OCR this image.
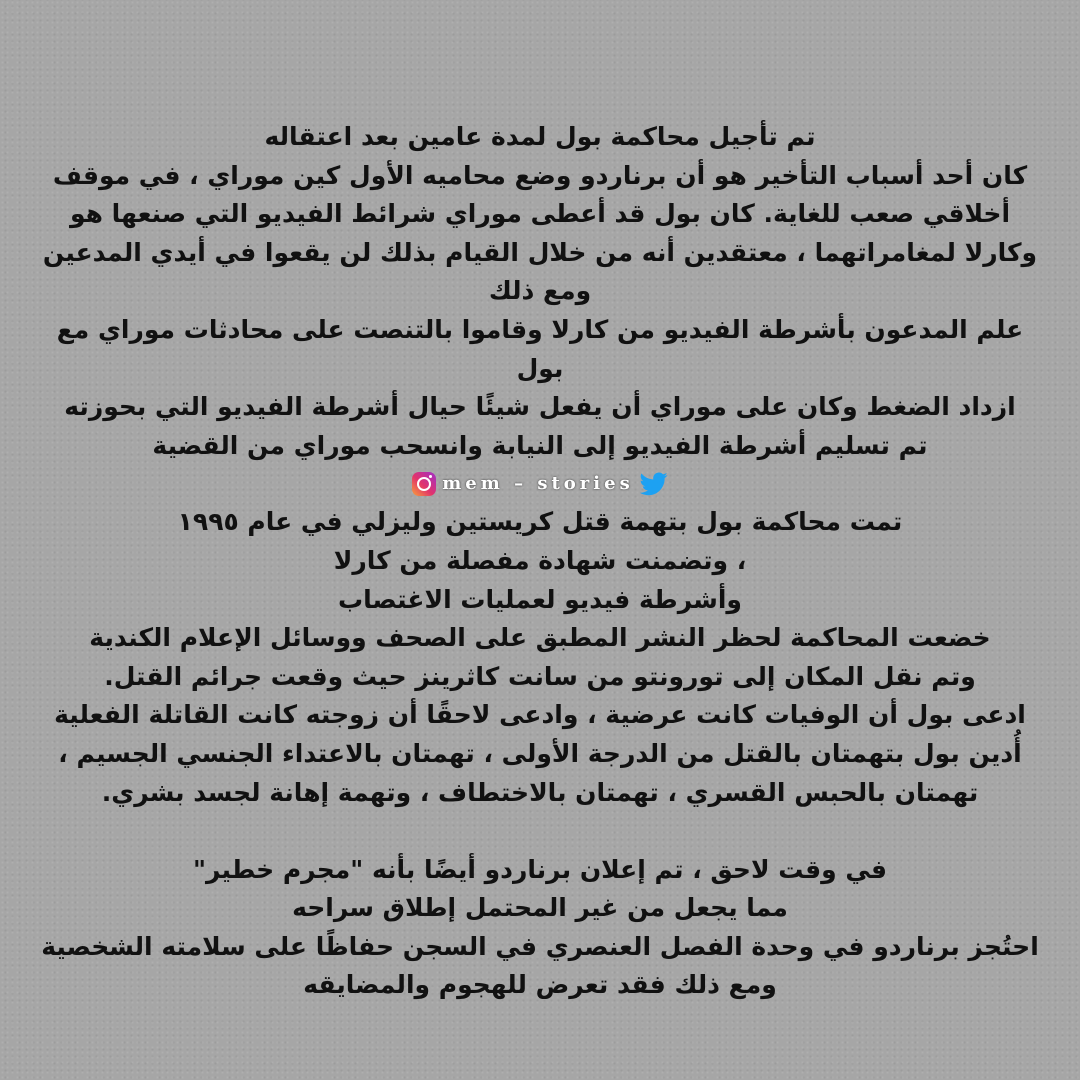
تم تأجيل محاكمة بول لمدة عامين بعد اعتقاله
كان أحد أسباب التأخير هو أن برناردو وضع محاميه الأول كين موراي ، في موقف
أخلاقي صعب للغاية. كان بول قد أعطى موراي شرائط الفيديو التي صنعها هو
وكارلا لمغامراتهما ، معتقدين أنه من خلال القيام بذلك لن يقعوا في أيدي المدعين
ومع ذلك
علم المدعون بأشرطة الفيديو من كارلا وقاموا بالتنصت على محادثات موراي مع
بول
ازداد الضغط وكان على موراي أن يفعل شيئًا حيال أشرطة الفيديو التي بحوزته
تم تسليم أشرطة الفيديو إلى النيابة وانسحب موراي من القضية
mem – stories
تمت محاكمة بول بتهمة قتل كريستين وليزلي في عام ١٩٩٥
، وتضمنت شهادة مفصلة من كارلا
وأشرطة فيديو لعمليات الاغتصاب
خضعت المحاكمة لحظر النشر المطبق على الصحف ووسائل الإعلام الكندية
وتم نقل المكان إلى تورونتو من سانت كاثرينز حيث وقعت جرائم القتل.
ادعى بول أن الوفيات كانت عرضية ، وادعى لاحقًا أن زوجته كانت القاتلة الفعلية
أُدين بول بتهمتان بالقتل من الدرجة الأولى ، تهمتان بالاعتداء الجنسي الجسيم ،
تهمتان بالحبس القسري ، تهمتان بالاختطاف ، وتهمة إهانة لجسد بشري.
في وقت لاحق ، تم إعلان برناردو أيضًا بأنه "مجرم خطير"
مما يجعل من غير المحتمل إطلاق سراحه
احتُجز برناردو في وحدة الفصل العنصري في السجن حفاظًا على سلامته الشخصية
ومع ذلك فقد تعرض للهجوم والمضايقه
